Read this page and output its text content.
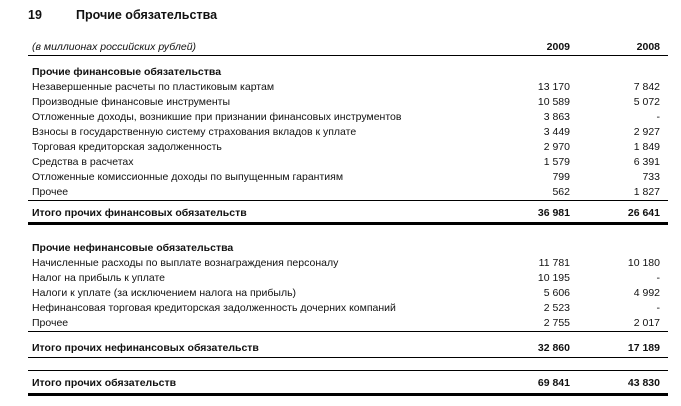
19	Прочие обязательства
(в миллионах российских рублей)	2009	2008
Прочие финансовые обязательства
Незавершенные расчеты по пластиковым картам	13 170	7 842
Производные финансовые инструменты	10 589	5 072
Отложенные доходы, возникшие при признании финансовых инструментов	3 863	-
Взносы в государственную систему страхования вкладов к уплате	3 449	2 927
Торговая кредиторская задолженность	2 970	1 849
Средства в расчетах	1 579	6 391
Отложенные комиссионные доходы по выпущенным гарантиям	799	733
Прочее	562	1 827
Итого прочих финансовых обязательств	36 981	26 641
Прочие нефинансовые обязательства
Начисленные расходы по выплате вознаграждения персоналу	11 781	10 180
Налог на прибыль к уплате	10 195	-
Налоги к уплате (за исключением налога на прибыль)	5 606	4 992
Нефинансовая торговая кредиторская задолженность дочерних компаний	2 523	-
Прочее	2 755	2 017
Итого прочих нефинансовых обязательств	32 860	17 189
Итого прочих обязательств	69 841	43 830
